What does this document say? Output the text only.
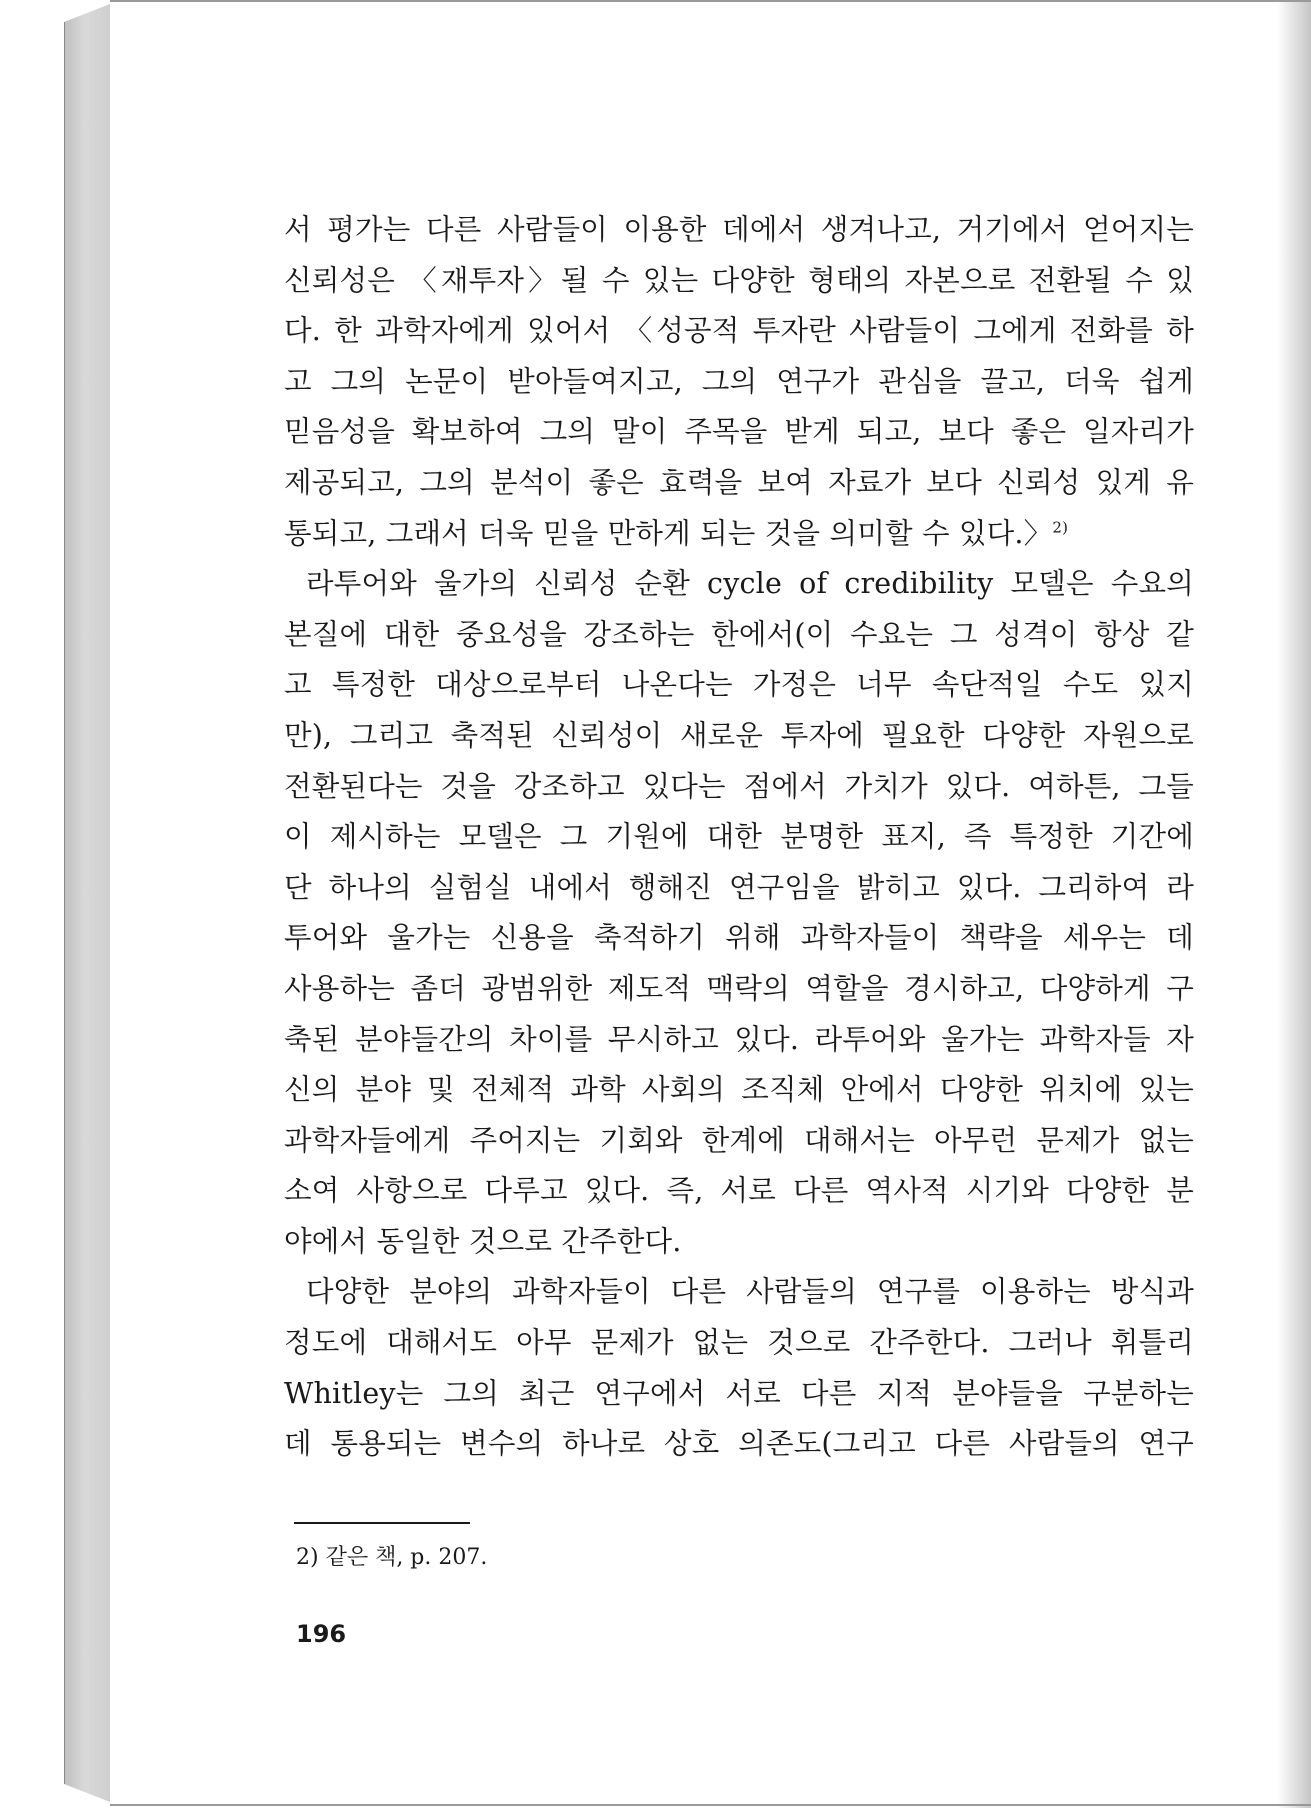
서 평가는 다른 사람들이 이용한 데에서 생겨나고, 거기에서 얻어지는
신뢰성은 〈재투자〉될 수 있는 다양한 형태의 자본으로 전환될 수 있
다. 한 과학자에게 있어서 〈성공적 투자란 사람들이 그에게 전화를 하
고 그의 논문이 받아들여지고, 그의 연구가 관심을 끌고, 더욱 쉽게
믿음성을 확보하여 그의 말이 주목을 받게 되고, 보다 좋은 일자리가
제공되고, 그의 분석이 좋은 효력을 보여 자료가 보다 신뢰성 있게 유
통되고, 그래서 더욱 믿을 만하게 되는 것을 의미할 수 있다.〉$^{2)}$
라투어와 울가의 신뢰성 순환 cycle of credibility 모델은 수요의
본질에 대한 중요성을 강조하는 한에서(이 수요는 그 성격이 항상 같
고 특정한 대상으로부터 나온다는 가정은 너무 속단적일 수도 있지
만), 그리고 축적된 신뢰성이 새로운 투자에 필요한 다양한 자원으로
전환된다는 것을 강조하고 있다는 점에서 가치가 있다. 여하튼, 그들
이 제시하는 모델은 그 기원에 대한 분명한 표지, 즉 특정한 기간에
단 하나의 실험실 내에서 행해진 연구임을 밝히고 있다. 그리하여 라
투어와 울가는 신용을 축적하기 위해 과학자들이 책략을 세우는 데
사용하는 좀더 광범위한 제도적 맥락의 역할을 경시하고, 다양하게 구
축된 분야들간의 차이를 무시하고 있다. 라투어와 울가는 과학자들 자
신의 분야 및 전체적 과학 사회의 조직체 안에서 다양한 위치에 있는
과학자들에게 주어지는 기회와 한계에 대해서는 아무런 문제가 없는
소여 사항으로 다루고 있다. 즉, 서로 다른 역사적 시기와 다양한 분
야에서 동일한 것으로 간주한다.
다양한 분야의 과학자들이 다른 사람들의 연구를 이용하는 방식과
정도에 대해서도 아무 문제가 없는 것으로 간주한다. 그러나 휘틀리
Whitley는 그의 최근 연구에서 서로 다른 지적 분야들을 구분하는
데 통용되는 변수의 하나로 상호 의존도(그리고 다른 사람들의 연구
2) 같은 책, p. 207.
196
